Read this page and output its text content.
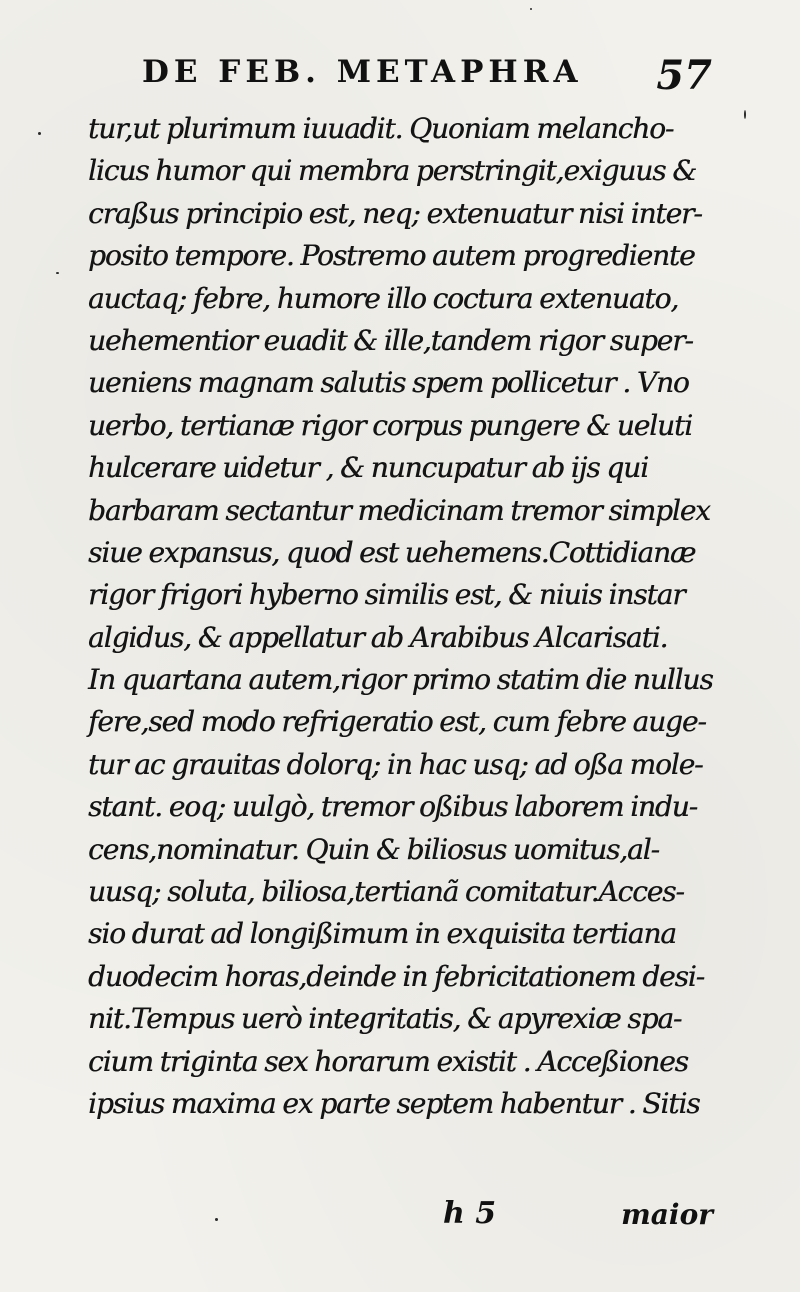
DE FEB. METAPHRA 57
tur,ut plurimum iuuadit. Quoniam melancho-
licus humor qui membra perstringit,exiguus &
craßus principio est, neq; extenuatur nisi inter-
posito tempore. Postremo autem progrediente
auctaq; febre, humore illo coctura extenuato,
uehementior euadit & ille,tandem rigor super-
ueniens magnam salutis spem pollicetur . Vno
uerbo, tertianæ rigor corpus pungere & ueluti
hulcerare uidetur , & nuncupatur ab ijs qui
barbaram sectantur medicinam tremor simplex
siue expansus, quod est uehemens.Cottidianæ
rigor frigori hyberno similis est, & niuis instar
algidus, & appellatur ab Arabibus Alcarisati.
In quartana autem,rigor primo statim die nullus
fere,sed modo refrigeratio est, cum febre auge-
tur ac grauitas dolorq; in hac usq; ad oßa mole-
stant. eoq; uulgò, tremor oßibus laborem indu-
cens,nominatur. Quin & biliosus uomitus,al-
uusq; soluta, biliosa,tertianã comitatur.Acces-
sio durat ad longißimum in exquisita tertiana
duodecim horas,deinde in febricitationem desi-
nit.Tempus uerò integritatis, & apyrexiæ spa-
cium triginta sex horarum existit . Acceßiones
ipsius maxima ex parte septem habentur . Sitis
h 5	maior
